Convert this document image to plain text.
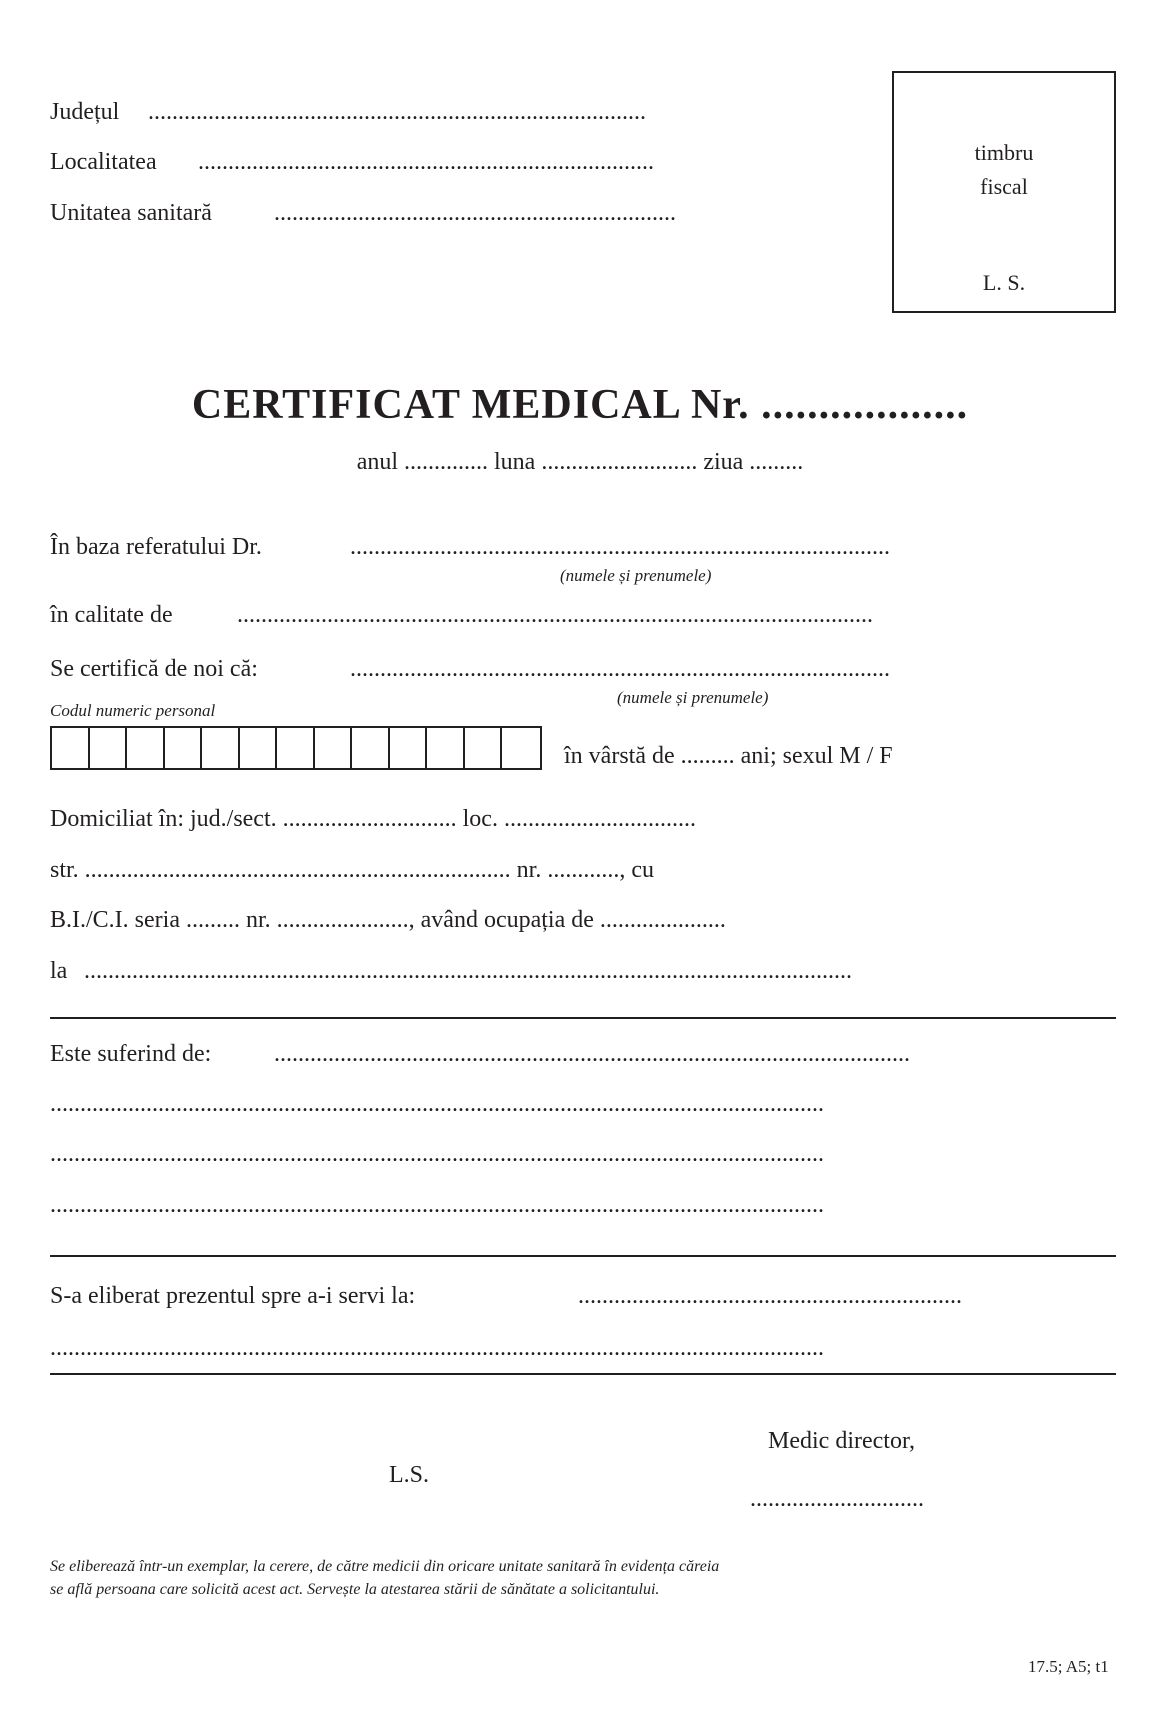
Județul ...................................................................................
Localitatea ............................................................................
Unitatea sanitară	...................................................................
timbru
fiscal
L. S.
CERTIFICAT MEDICAL Nr. ..................
anul .............. luna .......................... ziua .........
În baza referatului Dr.	..........................................................................................
(numele și prenumele)
în calitate de	..........................................................................................................
Se certifică de noi că:	..........................................................................................
(numele și prenumele)
Codul numeric personal
în vârstă de ......... ani; sexul M / F
Domiciliat în: jud./sect. ............................. loc. ................................
str. ....................................................................... nr. ............, cu
B.I./C.I. seria ......... nr. ......................, având ocupația de .....................
la ................................................................................................................................
Este suferind de:	..........................................................................................................
.................................................................................................................................
.................................................................................................................................
.................................................................................................................................
S-a eliberat prezentul spre a-i servi la:	................................................................
.................................................................................................................................
Medic director,
L.S.
.............................
Se eliberează într-un exemplar, la cerere, de către medicii din oricare unitate sanitară în evidența căreia
se află persoana care solicită acest act. Servește la atestarea stării de sănătate a solicitantului.
17.5; A5; t1
